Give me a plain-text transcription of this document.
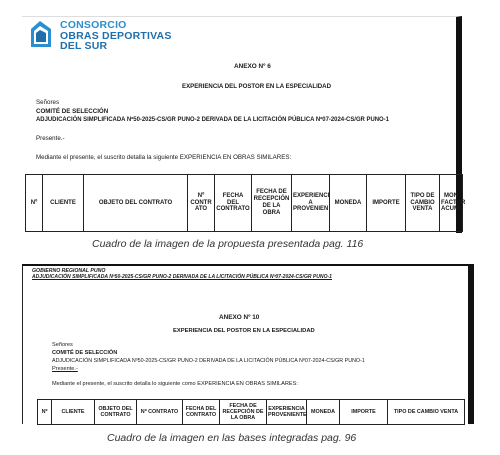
CONSORCIO
OBRAS DEPORTIVAS
DEL SUR
ANEXO Nº 6
EXPERIENCIA DEL POSTOR EN LA ESPECIALIDAD
Señores
COMITÉ DE SELECCIÓN
ADJUDICACIÓN SIMPLIFICADA Nº50-2025-CS/GR PUNO-2 DERIVADA DE LA LICITACIÓN PÚBLICA Nº07-2024-CS/GR PUNO-1
Presente.-
Mediante el presente, el suscrito detalla la siguiente EXPERIENCIA EN OBRAS SIMILARES:
Nº	CLIENTE	OBJETO DEL CONTRATO	Nº CONTR ATO	FECHA DEL CONTRATO	FECHA DE RECEPCIÓN DE LA OBRA	EXPERIENCI A PROVENIEN	MONEDA	IMPORTE	TIPO DE CAMBIO VENTA	MON FACTUR ACUMU
Cuadro de la imagen de la propuesta presentada pag. 116
GOBIERNO REGIONAL PUNO
ADJUDICACIÓN SIMPLIFICADA Nº50-2025-CS/GR PUNO-2 DERIVADA DE LA LICITACIÓN PÚBLICA Nº07-2024-CS/GR PUNO-1
ANEXO Nº 10
EXPERIENCIA DEL POSTOR EN LA ESPECIALIDAD
Señores
COMITÉ DE SELECCIÓN
ADJUDICACIÓN SIMPLIFICADA Nº50-2025-CS/GR PUNO-2 DERIVADA DE LA LICITACIÓN PÚBLICA Nº07-2024-CS/GR PUNO-1
Presente.-
Mediante el presente, el suscrito detalla lo siguiente como EXPERIENCIA EN OBRAS SIMILARES:
Nº	CLIENTE	OBJETO DEL CONTRATO	Nº CONTRATO	FECHA DEL CONTRATO	FECHA DE RECEPCIÓN DE LA OBRA	EXPERIENCIA PROVENIENTE	MONEDA	IMPORTE	TIPO DE CAMBIO VENTA
Cuadro de la imagen en las bases integradas pag. 96
